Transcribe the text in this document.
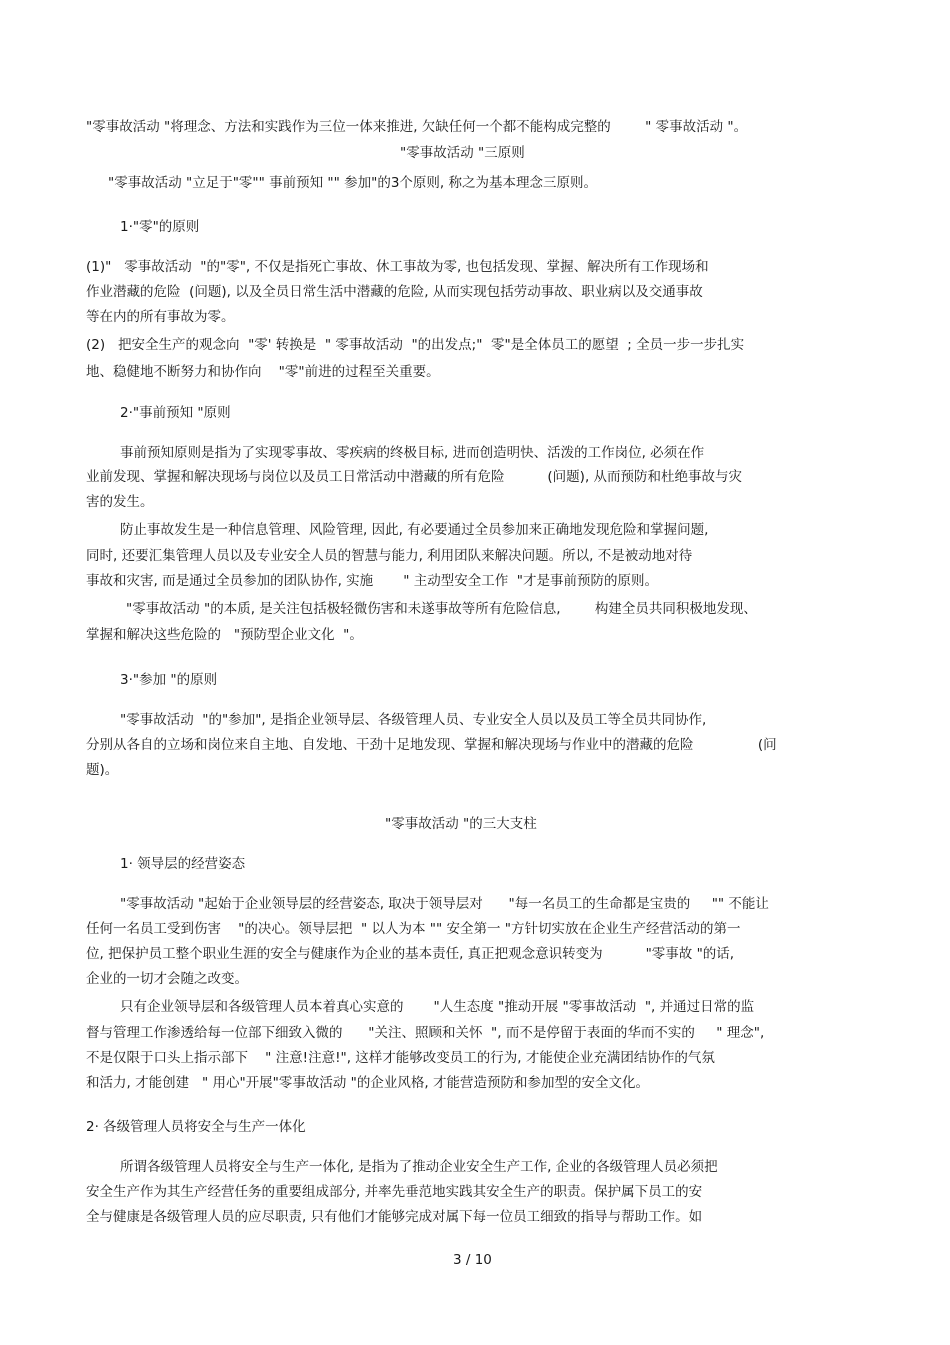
"零事故活动 "将理念、方法和实践作为三位一体来推进, 欠缺任何一个都不能构成完整的        " 零事故活动 "。
"零事故活动 "三原则
"零事故活动 "立足于"零"" 事前预知 "" 参加"的3个原则, 称之为基本理念三原则。
1·"零"的原则
(1)"   零事故活动  "的"零", 不仅是指死亡事故、休工事故为零, 也包括发现、掌握、解决所有工作现场和
作业潜藏的危险  (问题), 以及全员日常生活中潜藏的危险, 从而实现包括劳动事故、职业病以及交通事故
等在内的所有事故为零。
(2)   把安全生产的观念向  "零' 转换是  " 零事故活动  "的出发点;"  零"是全体员工的愿望  ; 全员一步一步扎实
地、稳健地不断努力和协作向    "零"前进的过程至关重要。
2·"事前预知 "原则
事前预知原则是指为了实现零事故、零疾病的终极目标, 进而创造明快、活泼的工作岗位, 必须在作
业前发现、掌握和解决现场与岗位以及员工日常活动中潜藏的所有危险          (问题), 从而预防和杜绝事故与灾
害的发生。
防止事故发生是一种信息管理、风险管理, 因此, 有必要通过全员参加来正确地发现危险和掌握问题,
同时, 还要汇集管理人员以及专业安全人员的智慧与能力, 利用团队来解决问题。所以, 不是被动地对待
事故和灾害, 而是通过全员参加的团队协作, 实施       " 主动型安全工作  "才是事前预防的原则。
"零事故活动 "的本质, 是关注包括极轻微伤害和未遂事故等所有危险信息,        构建全员共同积极地发现、
掌握和解决这些危险的   "预防型企业文化  "。
3·"参加 "的原则
"零事故活动  "的"参加", 是指企业领导层、各级管理人员、专业安全人员以及员工等全员共同协作,
分别从各自的立场和岗位来自主地、自发地、干劲十足地发现、掌握和解决现场与作业中的潜藏的危险               (问
题)。
"零事故活动 "的三大支柱
1· 领导层的经营姿态
"零事故活动 "起始于企业领导层的经营姿态, 取决于领导层对      "每一名员工的生命都是宝贵的     "" 不能让
任何一名员工受到伤害    "的决心。领导层把  " 以人为本 "" 安全第一 "方针切实放在企业生产经营活动的第一
位, 把保护员工整个职业生涯的安全与健康作为企业的基本责任, 真正把观念意识转变为          "零事故 "的话,
企业的一切才会随之改变。
只有企业领导层和各级管理人员本着真心实意的       "人生态度 "推动开展 "零事故活动  ", 并通过日常的监
督与管理工作渗透给每一位部下细致入微的      "关注、照顾和关怀  ", 而不是停留于表面的华而不实的     " 理念",
不是仅限于口头上指示部下    " 注意!注意!", 这样才能够改变员工的行为, 才能使企业充满团结协作的气氛
和活力, 才能创建   " 用心"开展"零事故活动 "的企业风格, 才能营造预防和参加型的安全文化。
2· 各级管理人员将安全与生产一体化
所谓各级管理人员将安全与生产一体化, 是指为了推动企业安全生产工作, 企业的各级管理人员必须把
安全生产作为其生产经营任务的重要组成部分, 并率先垂范地实践其安全生产的职责。保护属下员工的安
全与健康是各级管理人员的应尽职责, 只有他们才能够完成对属下每一位员工细致的指导与帮助工作。如
3 / 10
